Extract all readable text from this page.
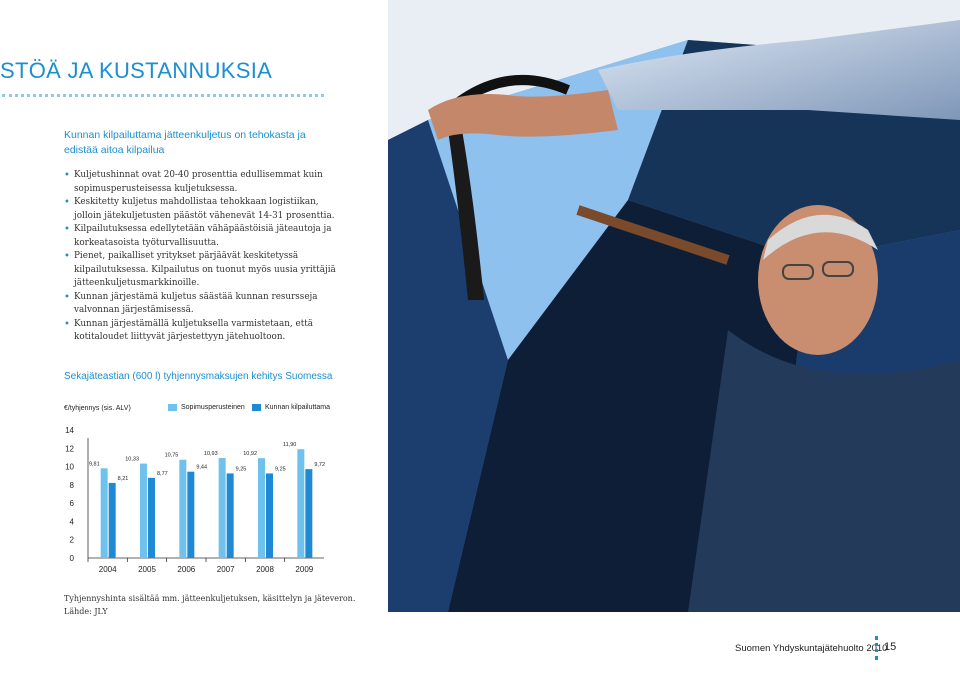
STÖÄ JA KUSTANNUKSIA
Kunnan kilpailuttama jätteenkuljetus on tehokasta ja edistää aitoa kilpailua
• Kuljetushinnat ovat 20-40 prosenttia edullisemmat kuin sopimusperusteisessa kuljetuksessa.
• Keskitetty kuljetus mahdollistaa tehokkaan logistiikan, jolloin jätekuljetusten päästöt vähenevät 14-31 prosenttia.
• Kilpailutuksessa edellytetään vähäpäästöisiä jäteautoja ja korkeatasoista työturvallisuutta.
• Pienet, paikalliset yritykset pärjäävät keskitetyssä kilpailutuksessa. Kilpailutus on tuonut myös uusia yrittäjiä jätteenkuljetusmarkkinoille.
• Kunnan järjestämä kuljetus säästää kunnan resursseja valvonnan järjestämisessä.
• Kunnan järjestämällä kuljetuksella varmistetaan, että kotitaloudet liittyvät järjestettyyn jätehuoltoon.
Sekajäteastian (600 l) tyhjennysmaksujen kehitys Suomessa
€/tyhjennys (sis. ALV)	Sopimusperusteinen	Kunnan kilpailuttama
0
2
4
6
8
10
12
14
9,81
8,21
2004
10,33
8,77
2005
10,75
9,44
2006
10,93
9,25
2007
10,92
9,25
2008
11,90
9,72
2009
Tyhjennyshinta sisältää mm. jätteenkuljetuksen, käsittelyn ja jäteveron.
Lähde: JLY
Suomen Yhdyskuntajätehuolto 2010
15
